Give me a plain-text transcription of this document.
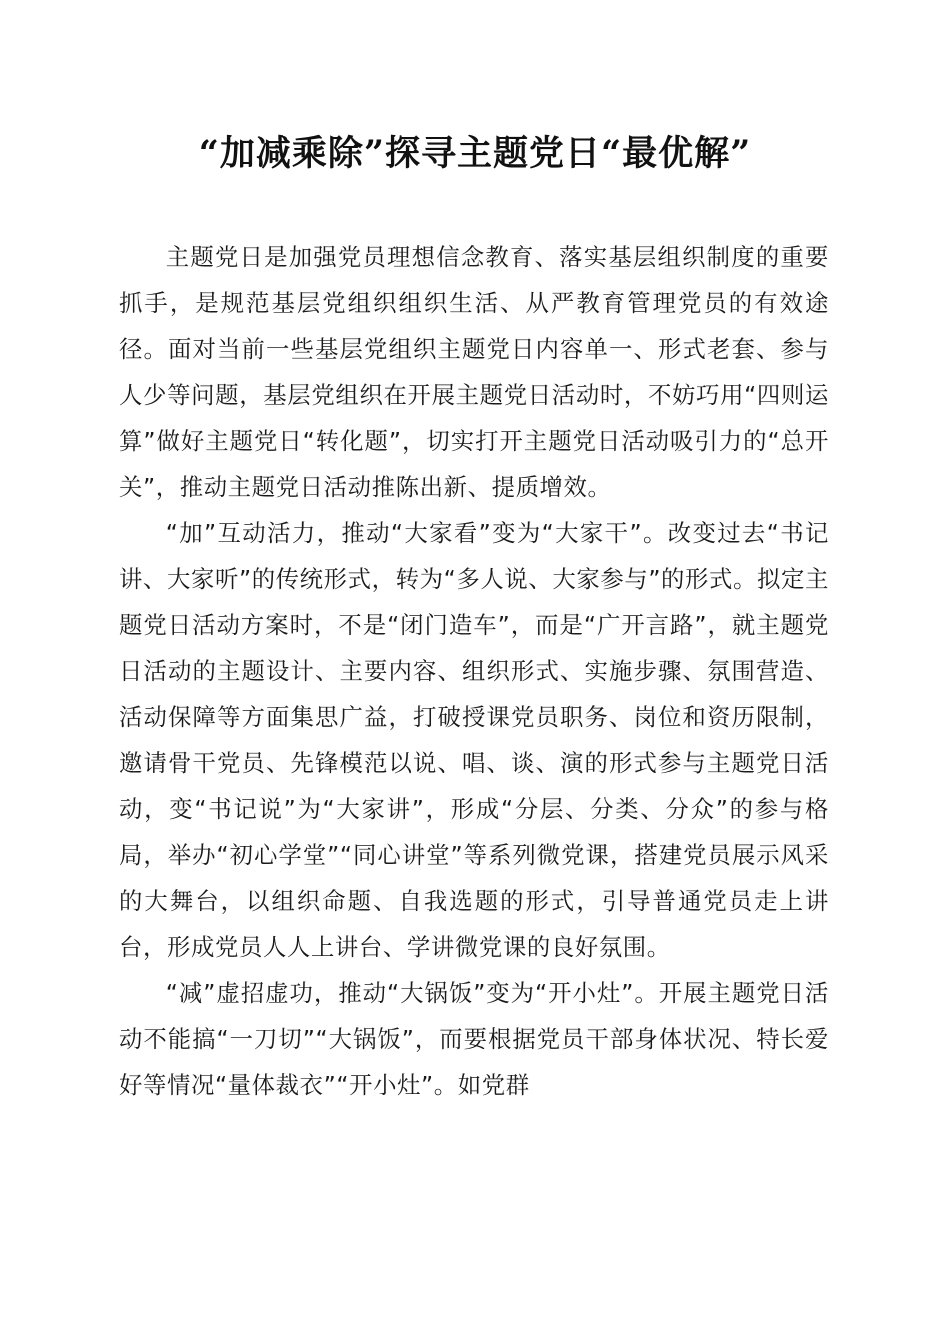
“加减乘除”探寻主题党日“最优解”

主题党日是加强党员理想信念教育、落实基层组织制度的重要抓手，是规范基层党组织组织生活、从严教育管理党员的有效途径。面对当前一些基层党组织主题党日内容单一、形式老套、参与人少等问题，基层党组织在开展主题党日活动时，不妨巧用“四则运算”做好主题党日“转化题”，切实打开主题党日活动吸引力的“总开关”，推动主题党日活动推陈出新、提质增效。

“加”互动活力，推动“大家看”变为“大家干”。改变过去“书记讲、大家听”的传统形式，转为“多人说、大家参与”的形式。拟定主题党日活动方案时，不是“闭门造车”，而是“广开言路”，就主题党日活动的主题设计、主要内容、组织形式、实施步骤、氛围营造、活动保障等方面集思广益，打破授课党员职务、岗位和资历限制，邀请骨干党员、先锋模范以说、唱、谈、演的形式参与主题党日活动，变“书记说”为“大家讲”，形成“分层、分类、分众”的参与格局，举办“初心学堂”“同心讲堂”等系列微党课，搭建党员展示风采的大舞台，以组织命题、自我选题的形式，引导普通党员走上讲台，形成党员人人上讲台、学讲微党课的良好氛围。

“减”虚招虚功，推动“大锅饭”变为“开小灶”。开展主题党日活动不能搞“一刀切”“大锅饭”，而要根据党员干部身体状况、特长爱好等情况“量体裁衣”“开小灶”。如党群
